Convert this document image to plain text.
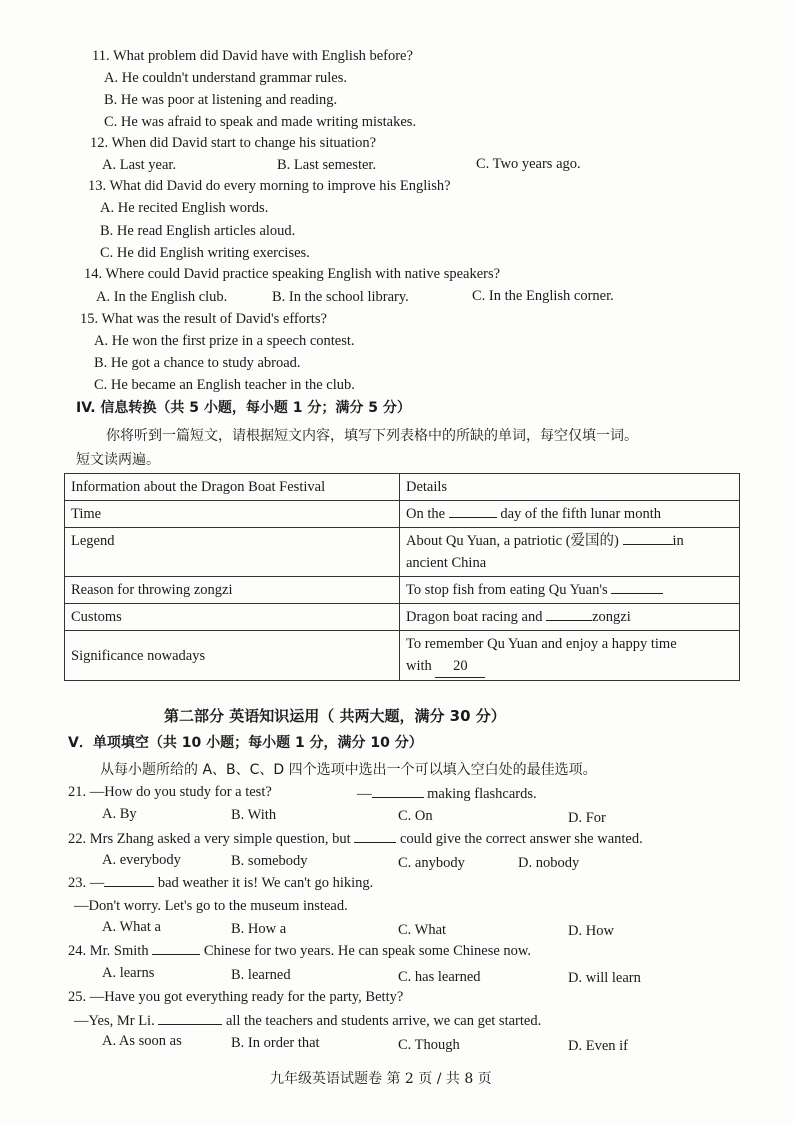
11. What problem did David have with English before?
A. He couldn't understand grammar rules.
B. He was poor at listening and reading.
C. He was afraid to speak and made writing mistakes.
12. When did David start to change his situation?
A. Last year.	B. Last semester.	C. Two years ago.
13. What did David do every morning to improve his English?
A. He recited English words.
B. He read English articles aloud.
C. He did English writing exercises.
14. Where could David practice speaking English with native speakers?
A. In the English club.	B. In the school library.	C. In the English corner.
15. What was the result of David's efforts?
A. He won the first prize in a speech contest.
B. He got a chance to study abroad.
C. He became an English teacher in the club.
IV. 信息转换（共 5 小题，每小题 1 分；满分 5 分）
你将听到一篇短文，请根据短文内容，填写下列表格中的所缺的单词，每空仅填一词。
短文读两遍。
Information about the Dragon Boat Festival	Details
Time	On the day of the fifth lunar month
Legend	About Qu Yuan, a patriotic (爱国的) in
ancient China
Reason for throwing zongzi	To stop fish from eating Qu Yuan's
Customs	Dragon boat racing and zongzi
Significance nowadays	To remember Qu Yuan and enjoy a happy time
with 20
第二部分 英语知识运用（ 共两大题，满分 30 分）
V．单项填空（共 10 小题；每小题 1 分，满分 10 分）
从每小题所给的 A、B、C、D 四个选项中选出一个可以填入空白处的最佳选项。
21. —How do you study for a test?	—	making flashcards.
A. By	B. With	C. On	D. For
22. Mrs Zhang asked a very simple question, but	could give the correct answer she wanted.
A. everybody	B. somebody	C. anybody	D. nobody
23. —	bad weather it is! We can't go hiking.
—Don't worry. Let's go to the museum instead.
A. What a	B. How a	C. What	D. How
24. Mr. Smith	Chinese for two years. He can speak some Chinese now.
A. learns	B. learned	C. has learned	D. will learn
25. —Have you got everything ready for the party, Betty?
—Yes, Mr Li.	all the teachers and students arrive, we can get started.
A. As soon as	B. In order that	C. Though	D. Even if
九年级英语试题卷 第 2 页 / 共 8 页
